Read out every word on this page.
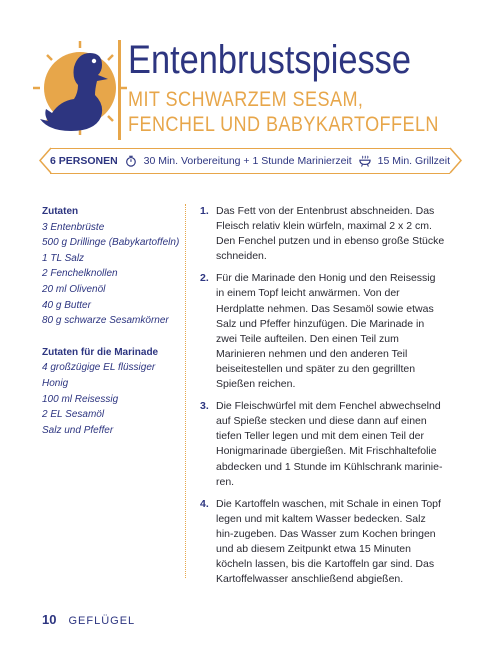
Entenbrustspiesse
MIT SCHWARZEM SESAM,
FENCHEL UND BABYKARTOFFELN
6 PERSONEN 30 Min. Vorbereitung + 1 Stunde Marinierzeit 15 Min. Grillzeit

Zutaten

3 Entenbrüste
500 g Drillinge (Babykartoffeln)
1 TL Salz
2 Fenchelknollen
20 ml Olivenöl
40 g Butter
80 g schwarze Sesamkörner

Zutaten für die Marinade

4 großzügige EL flüssiger Honig
100 ml Reisessig
2 EL Sesamöl
Salz und Pfeffer
1. Das Fett von der Entenbrust abschneiden. Das Fleisch relativ klein würfeln, maximal 2 x 2 cm. Den Fenchel putzen und in ebenso große Stücke schneiden.
2. Für die Marinade den Honig und den Reisessig in einem Topf leicht anwärmen. Von der Herdplatte nehmen. Das Sesamöl sowie etwas Salz und Pfeffer hinzufügen. Die Marinade in zwei Teile aufteilen. Den einen Teil zum Marinieren nehmen und den anderen Teil beiseitestellen und später zu den gegrillten Spießen reichen.
3. Die Fleischwürfel mit dem Fenchel abwechselnd auf Spieße stecken und diese dann auf einen tiefen Teller legen und mit dem einen Teil der Honigmarinade übergießen. Mit Frischhaltefolie abdecken und 1 Stunde im Kühlschrank marinie-ren.
4. Die Kartoffeln waschen, mit Schale in einen Topf legen und mit kaltem Wasser bedecken. Salz hin-zugeben. Das Wasser zum Kochen bringen und ab diesem Zeitpunkt etwa 15 Minuten köcheln lassen, bis die Kartoffeln gar sind. Das Kartoffelwasser anschließend abgießen.
10 GEFLÜGEL
